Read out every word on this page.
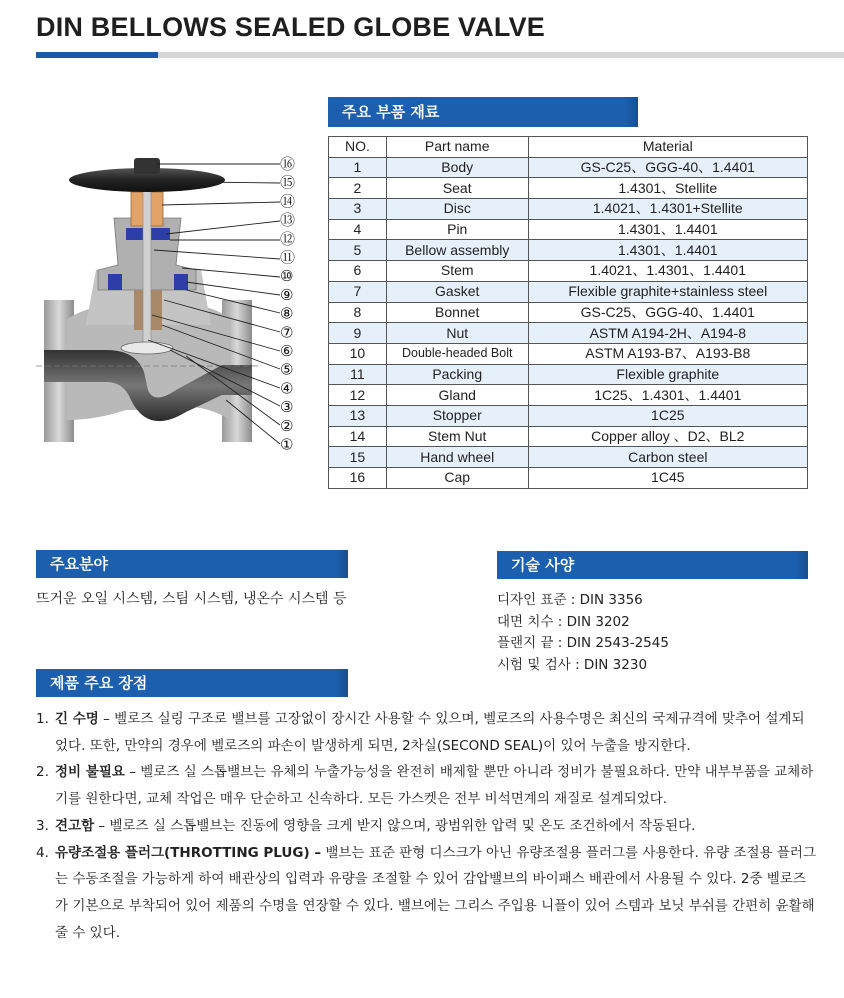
DIN BELLOWS SEALED GLOBE VALVE
주요 부품 재료
NO.	Part name	Material
1	Body	GS-C25、GGG-40、1.4401
2	Seat	1.4301、Stellite
3	Disc	1.4021、1.4301+Stellite
4	Pin	1.4301、1.4401
5	Bellow assembly	1.4301、1.4401
6	Stem	1.4021、1.4301、1.4401
7	Gasket	Flexible graphite+stainless steel
8	Bonnet	GS-C25、GGG-40、1.4401
9	Nut	ASTM A194-2H、A194-8
10	Double-headed Bolt	ASTM A193-B7、A193-B8
11	Packing	Flexible graphite
12	Gland	1C25、1.4301、1.4401
13	Stopper	1C25
14	Stem Nut	Copper alloy 、D2、BL2
15	Hand wheel	Carbon steel
16	Cap	1C45
⑯
⑮
⑭
⑬
⑫
⑪
⑩
⑨
⑧
⑦
⑥
⑤
④
③
②
①
주요분야

뜨거운 오일 시스템, 스팀 시스템, 냉온수 시스템 등

기술 사양
디자인 표준 : DIN 3356
대면 치수 : DIN 3202
플랜지 끝 : DIN 2543-2545
시험 및 검사 : DIN 3230
제품 주요 장점
1. 긴 수명 – 벨로즈 실링 구조로 밸브를 고장없이 장시간 사용할 수 있으며, 벨로즈의 사용수명은 최신의 국제규격에 맞추어 설계되었다. 또한, 만약의 경우에 벨로즈의 파손이 발생하게 되면, 2차실(SECOND SEAL)이 있어 누출을 방지한다.
2. 정비 불필요 – 벨로즈 실 스톱밸브는 유체의 누출가능성을 완전히 배제할 뿐만 아니라 정비가 불필요하다. 만약 내부부품을 교체하기를 원한다면, 교체 작업은 매우 단순하고 신속하다. 모든 가스켓은 전부 비석면계의 재질로 설계되었다.
3. 견고함 – 벨로즈 실 스톱밸브는 진동에 영향을 크게 받지 않으며, 광범위한 압력 및 온도 조건하에서 작동된다.
4. 유량조절용 플러그(THROTTING PLUG) – 밸브는 표준 판형 디스크가 아닌 유량조절용 플러그를 사용한다. 유량 조절용 플러그는 수동조절을 가능하게 하여 배관상의 입력과 유량을 조절할 수 있어 감압밸브의 바이패스 배관에서 사용될 수 있다. 2중 벨로즈가 기본으로 부착되어 있어 제품의 수명을 연장할 수 있다. 밸브에는 그리스 주입용 니플이 있어 스템과 보닛 부쉬를 간편히 윤활해 줄 수 있다.
